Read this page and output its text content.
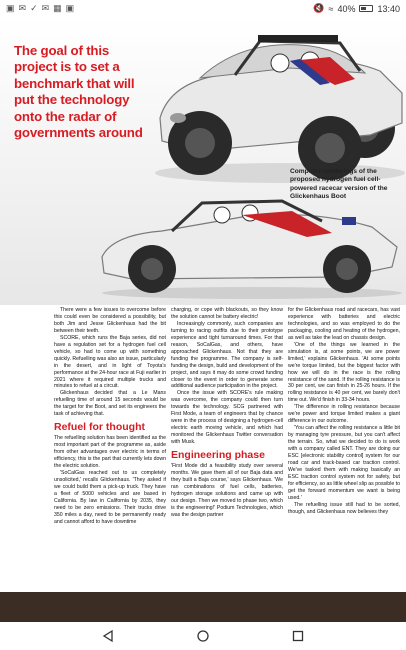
▣ ✉ ✓ ✉ ▦ ▣	🔇 ≈ 40% 13:40
The goal of this project is to set a benchmark that will put the technology onto the radar of governments around
Computer renderings of the proposed hydrogen fuel cell-powered racecar version of the Glickenhaus Boot

There were a few issues to overcome before this could even be considered a possibility, but both Jim and Jesse Glickenhaus had the bit between their teeth.

SCORE, which runs the Baja series, did not have a regulation set for a hydrogen fuel cell vehicle, so had to come up with something quickly. Refuelling was also an issue, particularly in the desert, and in light of Toyota's performance at the 24-hour race at Fuji earlier in 2021 where it required multiple trucks and minutes to refuel at a circuit.

Glickenhaus decided that a Le Mans refuelling time of around 15 seconds would be the target for the Boot, and set its engineers the task of achieving that.

Refuel for thought

The refuelling solution has been identified as the most important part of the programme as, aside from other advantages over electric in terms of efficiency, this is the part that currently lets down the electric solution.

'SoCalGas reached out to us completely unsolicited,' recalls Glickenhaus. 'They asked if we could build them a pick-up truck. They have a fleet of 5000 vehicles and are based in California. By law in California by 2035, they need to be zero emissions. Their trucks drive 350 miles a day, need to be permanently ready and cannot afford to have downtime

charging, or cope with blackouts, so they know the solution cannot be battery electric!

Increasingly commonly, such companies are turning to racing outfits due to their prototype experience and tight turnaround times. For that reason, SoCalGas, and others, have approached Glickenhaus. Not that they are funding the programme. The company is self-funding the design, build and development of the project, and says it may do some crowd funding closer to the event in order to generate some additional audience participation in the project.

Once the issue with SCORE's rule making was overcome, the company could then turn towards the technology. SCG partnered with First Mode, a team of engineers that by chance were in the process of designing a hydrogen-cell electric earth moving vehicle, and which had monitored the Glickenhaus Twitter conversation with Musk.

Engineering phase

'First Mode did a feasibility study over several months. We gave them all of our Baja data and they built a Baja course,' says Glickenhaus. 'We ran combinations of fuel cells, batteries, hydrogen storage solutions and came up with our design. Then we moved to phase two, which is the engineering!' Podium Technologies, which was the design partner

for the Glickenhaus road and racecars, has vast experience with batteries and electric technologies, and so was employed to do the packaging, cooling and heating of the hydrogen, as well as take the lead on chassis design.

'One of the things we learned in the simulation is, at some points, we are power limited,' explains Glickenhaus. 'At some points we're torque limited, but the biggest factor with how we will do in the race is the rolling resistance of the sand. If the rolling resistance is 30 per cent, we can finish in 25-26 hours. If the rolling resistance is 40 per cent, we barely don't time out. We'd finish in 33-34 hours.

'The difference in rolling resistance because we're power and torque limited makes a giant difference in our outcome.

'You can affect the rolling resistance a little bit by managing tyre pressure, but you can't affect the terrain. So, what we decided to do is work with a company called ENT. They are doing our ESC [electronic stability control] system for our road car and track-based car traction control. We've tasked them with making basically an ESC traction control system not for safety, but for efficiency, so as little wheel slip as possible to get the forward momentum we want is being used.'

The refuelling issue still had to be sorted, though, and Glickenhaus now believes they
